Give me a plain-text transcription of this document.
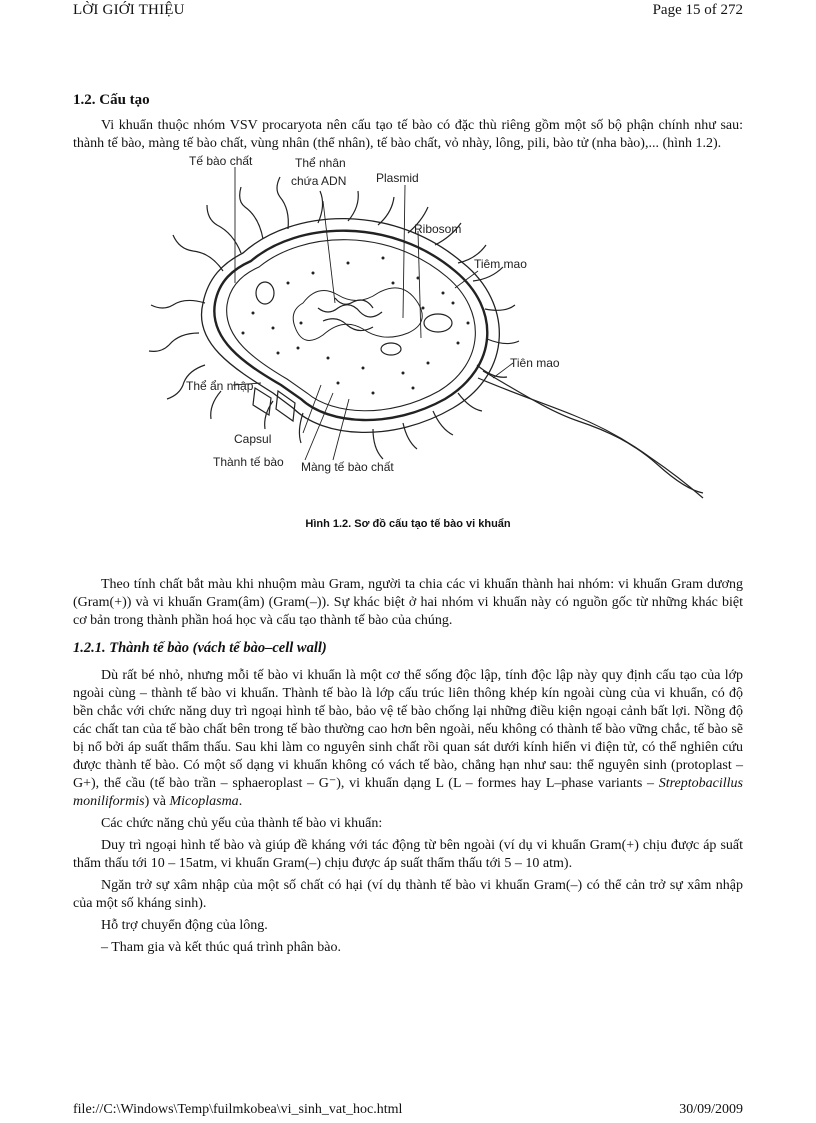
LỜI GIỚI THIỆU	Page 15 of 272
1.2. Cấu tạo

Vi khuẩn thuộc nhóm VSV procaryota nên cấu tạo tế bào có đặc thù riêng gồm một số bộ phận chính như sau: thành tế bào, màng tế bào chất, vùng nhân (thể nhân), tế bào chất, vỏ nhày, lông, pili, bào tử (nha bào),... (hình 1.2).

Tế bào chất	Thể nhân
chứa ADN Plasmid
Ribosom
Tiêm mao
Tiên mao
Thể ẩn nhập
Capsul
Thành tế bào Màng tế bào chất
Hình 1.2. Sơ đồ cấu tạo tế bào vi khuẩn

Theo tính chất bắt màu khi nhuộm màu Gram, người ta chia các vi khuẩn thành hai nhóm: vi khuẩn Gram dương (Gram(+)) và vi khuẩn Gram(âm) (Gram(–)). Sự khác biệt ở hai nhóm vi khuẩn này có nguồn gốc từ những khác biệt cơ bản trong thành phần hoá học và cấu tạo thành tế bào của chúng.

1.2.1. Thành tế bào (vách tế bào–cell wall)

Dù rất bé nhỏ, nhưng mỗi tế bào vi khuẩn là một cơ thể sống độc lập, tính độc lập này quy định cấu tạo của lớp ngoài cùng – thành tế bào vi khuẩn. Thành tế bào là lớp cấu trúc liên thông khép kín ngoài cùng của vi khuẩn, có độ bền chắc với chức năng duy trì ngoại hình tế bào, bảo vệ tế bào chống lại những điều kiện ngoại cảnh bất lợi. Nồng độ các chất tan của tế bào chất bên trong tế bào thường cao hơn bên ngoài, nếu không có thành tế bào vững chắc, tế bào sẽ bị nổ bởi áp suất thẩm thấu. Sau khi làm co nguyên sinh chất rồi quan sát dưới kính hiển vi điện tử, có thể nghiên cứu được thành tế bào. Có một số dạng vi khuẩn không có vách tế bào, chẳng hạn như sau: thể nguyên sinh (protoplast – G+), thể cầu (tế bào trần – sphaeroplast – G⁻), vi khuẩn dạng L (L – formes hay L–phase variants – Streptobacillus moniliformis) và Micoplasma.

Các chức năng chủ yếu của thành tế bào vi khuẩn:

Duy trì ngoại hình tế bào và giúp đề kháng với tác động từ bên ngoài (ví dụ vi khuẩn Gram(+) chịu được áp suất thẩm thấu tới 10 – 15atm, vi khuẩn Gram(–) chịu được áp suất thẩm thấu tới 5 – 10 atm).

Ngăn trở sự xâm nhập của một số chất có hại (ví dụ thành tế bào vi khuẩn Gram(–) có thể cản trở sự xâm nhập của một số kháng sinh).

Hỗ trợ chuyển động của lông.

– Tham gia và kết thúc quá trình phân bào.

file://C:\Windows\Temp\fuilmkobea\vi_sinh_vat_hoc.html	30/09/2009
